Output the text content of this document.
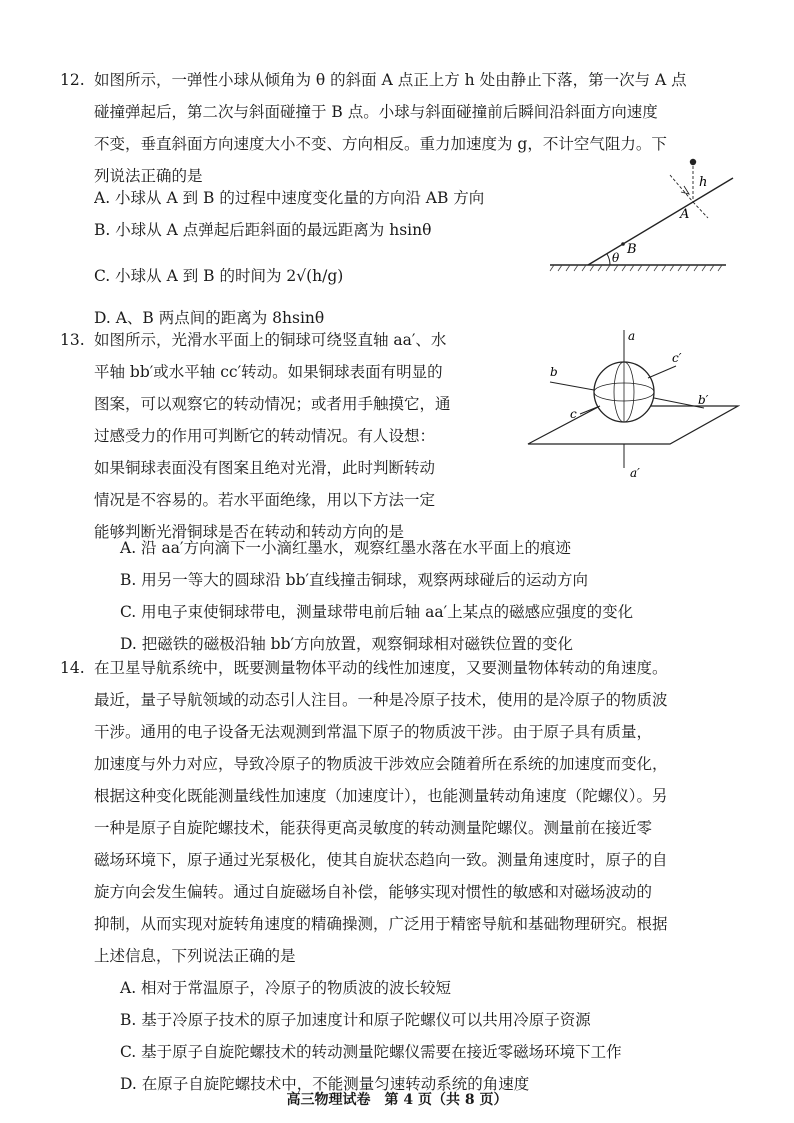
12. 如图所示，一弹性小球从倾角为 θ 的斜面 A 点正上方 h 处由静止下落，第一次与 A 点
碰撞弹起后，第二次与斜面碰撞于 B 点。小球与斜面碰撞前后瞬间沿斜面方向速度
不变，垂直斜面方向速度大小不变、方向相反。重力加速度为 g，不计空气阻力。下
列说法正确的是
A. 小球从 A 到 B 的过程中速度变化量的方向沿 AB 方向
B. 小球从 A 点弹起后距斜面的最远距离为 hsinθ
C. 小球从 A 到 B 的时间为 2√(h/g)
D. A、B 两点间的距离为 8hsinθ
θ
B
A
h
13. 如图所示，光滑水平面上的铜球可绕竖直轴 aa′、水
平轴 bb′或水平轴 cc′转动。如果铜球表面有明显的
图案，可以观察它的转动情况；或者用手触摸它，通
过感受力的作用可判断它的转动情况。有人设想：
如果铜球表面没有图案且绝对光滑，此时判断转动
情况是不容易的。若水平面绝缘，用以下方法一定
能够判断光滑铜球是否在转动和转动方向的是
A. 沿 aa′方向滴下一小滴红墨水，观察红墨水落在水平面上的痕迹
B. 用另一等大的圆球沿 bb′直线撞击铜球，观察两球碰后的运动方向
C. 用电子束使铜球带电，测量球带电前后轴 aa′上某点的磁感应强度的变化
D. 把磁铁的磁极沿轴 bb′方向放置，观察铜球相对磁铁位置的变化
a
a′
b
b′
c
c′
14. 在卫星导航系统中，既要测量物体平动的线性加速度，又要测量物体转动的角速度。
最近，量子导航领域的动态引人注目。一种是冷原子技术，使用的是冷原子的物质波
干涉。通用的电子设备无法观测到常温下原子的物质波干涉。由于原子具有质量，
加速度与外力对应，导致冷原子的物质波干涉效应会随着所在系统的加速度而变化，
根据这种变化既能测量线性加速度（加速度计），也能测量转动角速度（陀螺仪）。另
一种是原子自旋陀螺技术，能获得更高灵敏度的转动测量陀螺仪。测量前在接近零
磁场环境下，原子通过光泵极化，使其自旋状态趋向一致。测量角速度时，原子的自
旋方向会发生偏转。通过自旋磁场自补偿，能够实现对惯性的敏感和对磁场波动的
抑制，从而实现对旋转角速度的精确操测，广泛用于精密导航和基础物理研究。根据
上述信息，下列说法正确的是
A. 相对于常温原子，冷原子的物质波的波长较短
B. 基于冷原子技术的原子加速度计和原子陀螺仪可以共用冷原子资源
C. 基于原子自旋陀螺技术的转动测量陀螺仪需要在接近零磁场环境下工作
D. 在原子自旋陀螺技术中，不能测量匀速转动系统的角速度
高三物理试卷　第 4 页（共 8 页）
